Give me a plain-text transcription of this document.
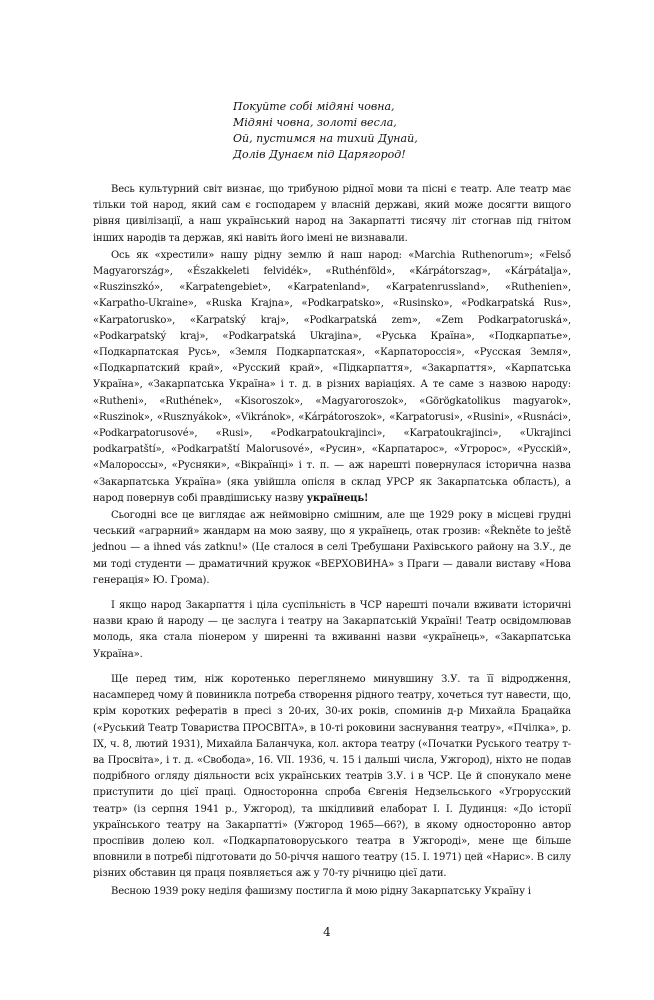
Покуйте собі мідяні човна,
Мідяні човна, золоті весла,
Ой, пустимся на тихий Дунай,
Долів Дунаєм під Царягород!

Весь культурний світ визнає, що трибуною рідної мови та пісні є театр. Але театр має тільки той народ, який сам є господарем у власній державі, який може досягти вищого рівня цивілізації, а наш український народ на Закарпатті тисячу літ стогнав під гнітом інших народів та держав, які навіть його імені не визнавали.

Ось як «хрестили» нашу рідну землю й наш народ: «Marchia Ruthenorum»; «Felső Magyarország», «Északkeleti felvidék», «Ruthénföld», «Kárpátorszag», «Kárpátalja», «Ruszinszkó», «Karpatengebiet», «Karpatenland», «Karpatenrussland», «Ruthenien», «Karpatho-Ukraine», «Ruska Krajna», «Podkarpatsko», «Rusinsko», «Podkarpatská Rus», «Karpatorusko», «Karpatský kraj», «Podkarpatská zem», «Zem Podkarpatoruská», «Podkarpatský kraj», «Podkarpatská Ukrajina», «Руська Країна», «Подкарпатье», «Подкарпатская Русь», «Земля Подкарпатская», «Карпатороссія», «Русская Земля», «Подкарпатский край», «Русский край», «Підкарпаття», «Закарпаття», «Карпатська Україна», «Закарпатська Україна» і т. д. в різних варіаціях. А те саме з назвою народу: «Rutheni», «Ruthének», «Kisoroszok», «Magyaroroszok», «Görögkatolikus magyarok», «Ruszinok», «Rusznyákok», «Vikránok», «Kárpátoroszok», «Karpatorusi», «Rusini», «Rusnáci», «Podkarpatorusové», «Rusi», «Podkarpatoukrajinci», «Karpatoukrajinci», «Ukrajinci podkarpatští», «Podkarpatští Malorusové», «Русин», «Карпатарос», «Угророс», «Русскій», «Малороссы», «Русняки», «Вікраїнці» і т. п. — аж нарешті повернулася історична назва «Закарпатська Україна» (яка увійшла опісля в склад УРСР як Закарпатська область), а народ повернув собі правдішиську назву українець!

Сьогодні все це виглядає аж неймовірно смішним, але ще 1929 року в місцеві грудні чеський «аграрний» жандарм на мою заяву, що я українець, отак грозив: «Řekněte to ještě jednou — a ihned vás zatknu!» (Це сталося в селі Требушани Рахівського району на З.У., де ми тоді студенти — драматичний кружок «ВЕРХОВИНА» з Праги — давали виставу «Нова генерація» Ю. Грома).

І якщо народ Закарпаття і ціла суспільність в ЧСР нарешті почали вживати історичні назви краю й народу — це заслуга і театру на Закарпатській Україні! Театр освідомлював молодь, яка стала піонером у ширенні та вживанні назви «українець», «Закарпатська Україна».

Ще перед тим, ніж коротенько переглянемо минувшину З.У. та її відродження, насамперед чому й повиникла потреба створення рідного театру, хочеться тут навести, що, крім коротких рефератів в пресі з 20-их, 30-их років, споминів д-р Михайла Брацайка («Руський Театр Товариства ПРОСВІТА», в 10-ті роковини заснування театру», «Пчілка», р. IX, ч. 8, лютий 1931), Михайла Баланчука, кол. актора театру («Початки Руського театру т-ва Просвіта», і т. д. «Свобода», 16. VII. 1936, ч. 15 і дальші числа, Ужгород), ніхто не подав подрібного огляду діяльности всіх українських театрів З.У. і в ЧСР. Це й спонукало мене приступити до цієї праці. Односторонна спроба Євгенія Недзельського «Угрорусский театр» (із серпня 1941 р., Ужгород), та шкідливий елаборат І. І. Дудинця: «До історії українського театру на Закарпатті» (Ужгород 1965—66?), в якому односторонно автор проспівив долею кол. «Подкарпатоворуського театра в Ужгороді», мене ще більше вповнили в потребі підготовати до 50-річчя нашого театру (15. І. 1971) цей «Нарис». В силу різних обставин ця праця появляється аж у 70-ту річницю цієї дати.

Весною 1939 року неділя фашизму постигла й мою рідну Закарпатську Україну і

4
